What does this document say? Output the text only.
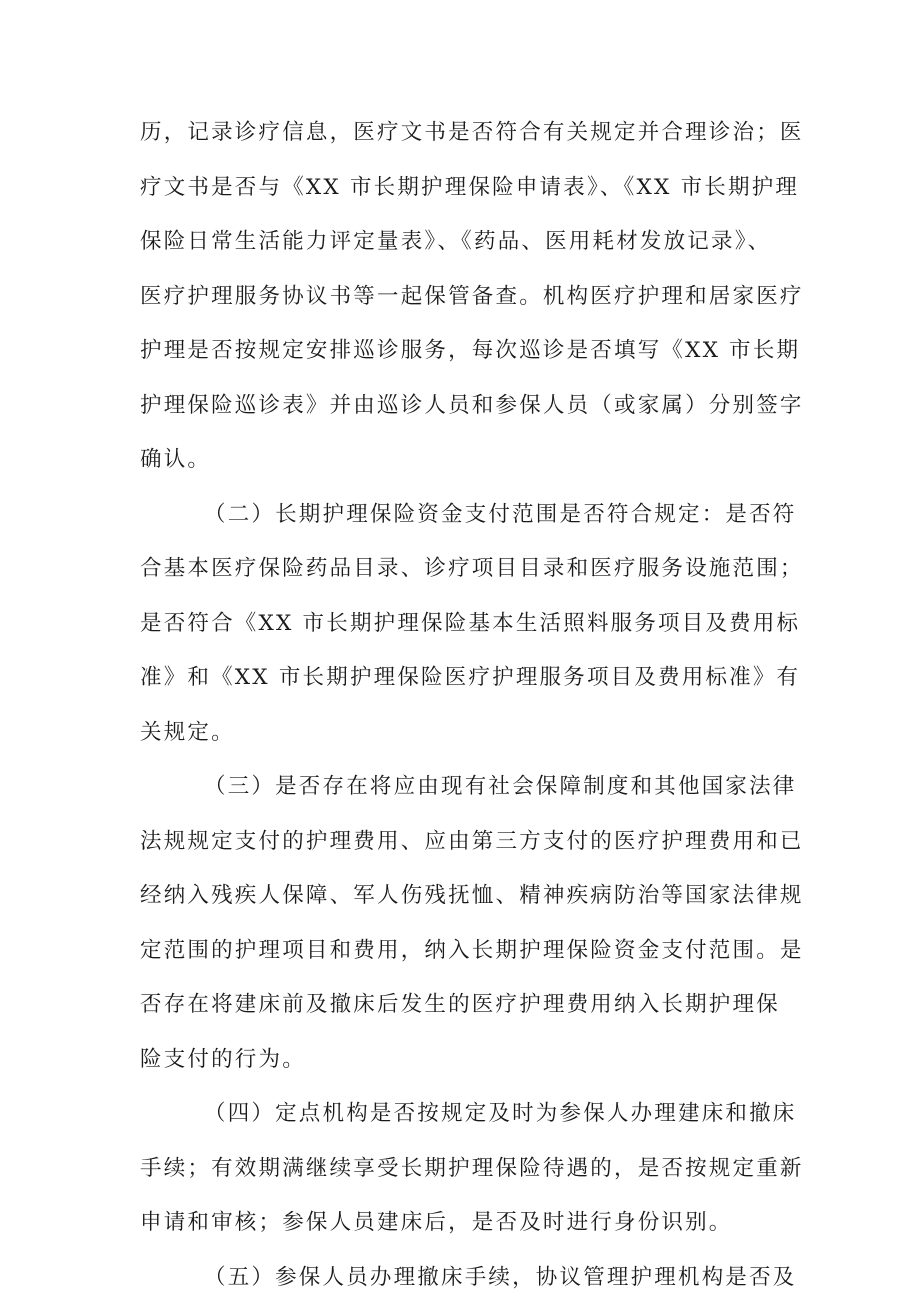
历，记录诊疗信息，医疗文书是否符合有关规定并合理诊治；医
疗文书是否与《XX 市长期护理保险申请表》、《XX 市长期护理
保险日常生活能力评定量表》、《药品、医用耗材发放记录》、
医疗护理服务协议书等一起保管备查。机构医疗护理和居家医疗
护理是否按规定安排巡诊服务，每次巡诊是否填写《XX 市长期
护理保险巡诊表》并由巡诊人员和参保人员（或家属）分别签字
确认。
（二）长期护理保险资金支付范围是否符合规定：是否符
合基本医疗保险药品目录、诊疗项目目录和医疗服务设施范围；
是否符合《XX 市长期护理保险基本生活照料服务项目及费用标
准》和《XX 市长期护理保险医疗护理服务项目及费用标准》有
关规定。
（三）是否存在将应由现有社会保障制度和其他国家法律
法规规定支付的护理费用、应由第三方支付的医疗护理费用和已
经纳入残疾人保障、军人伤残抚恤、精神疾病防治等国家法律规
定范围的护理项目和费用，纳入长期护理保险资金支付范围。是
否存在将建床前及撤床后发生的医疗护理费用纳入长期护理保
险支付的行为。
（四）定点机构是否按规定及时为参保人办理建床和撤床
手续；有效期满继续享受长期护理保险待遇的，是否按规定重新
申请和审核；参保人员建床后，是否及时进行身份识别。
（五）参保人员办理撤床手续，协议管理护理机构是否及
